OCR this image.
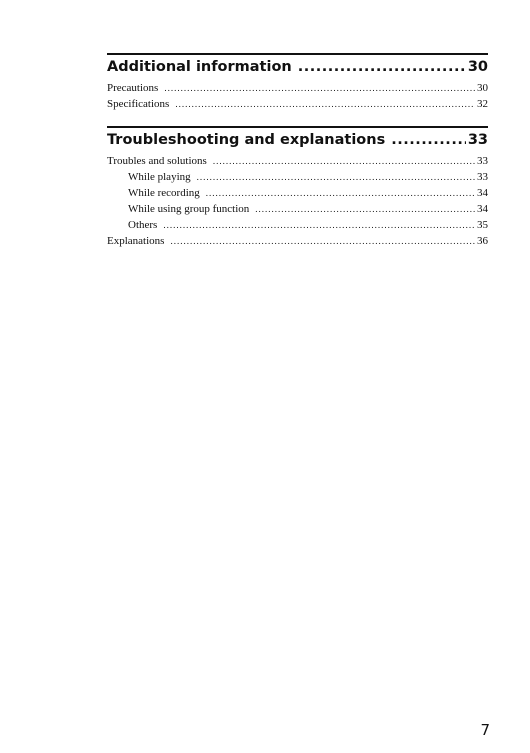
Additional information .....	30
Precautions .....	30
Specifications .....	32
Troubleshooting and explanations .....	33
Troubles and solutions .....	33
While playing .....	33
While recording .....	34
While using group function .....	34
Others .....	35
Explanations .....	36
7
